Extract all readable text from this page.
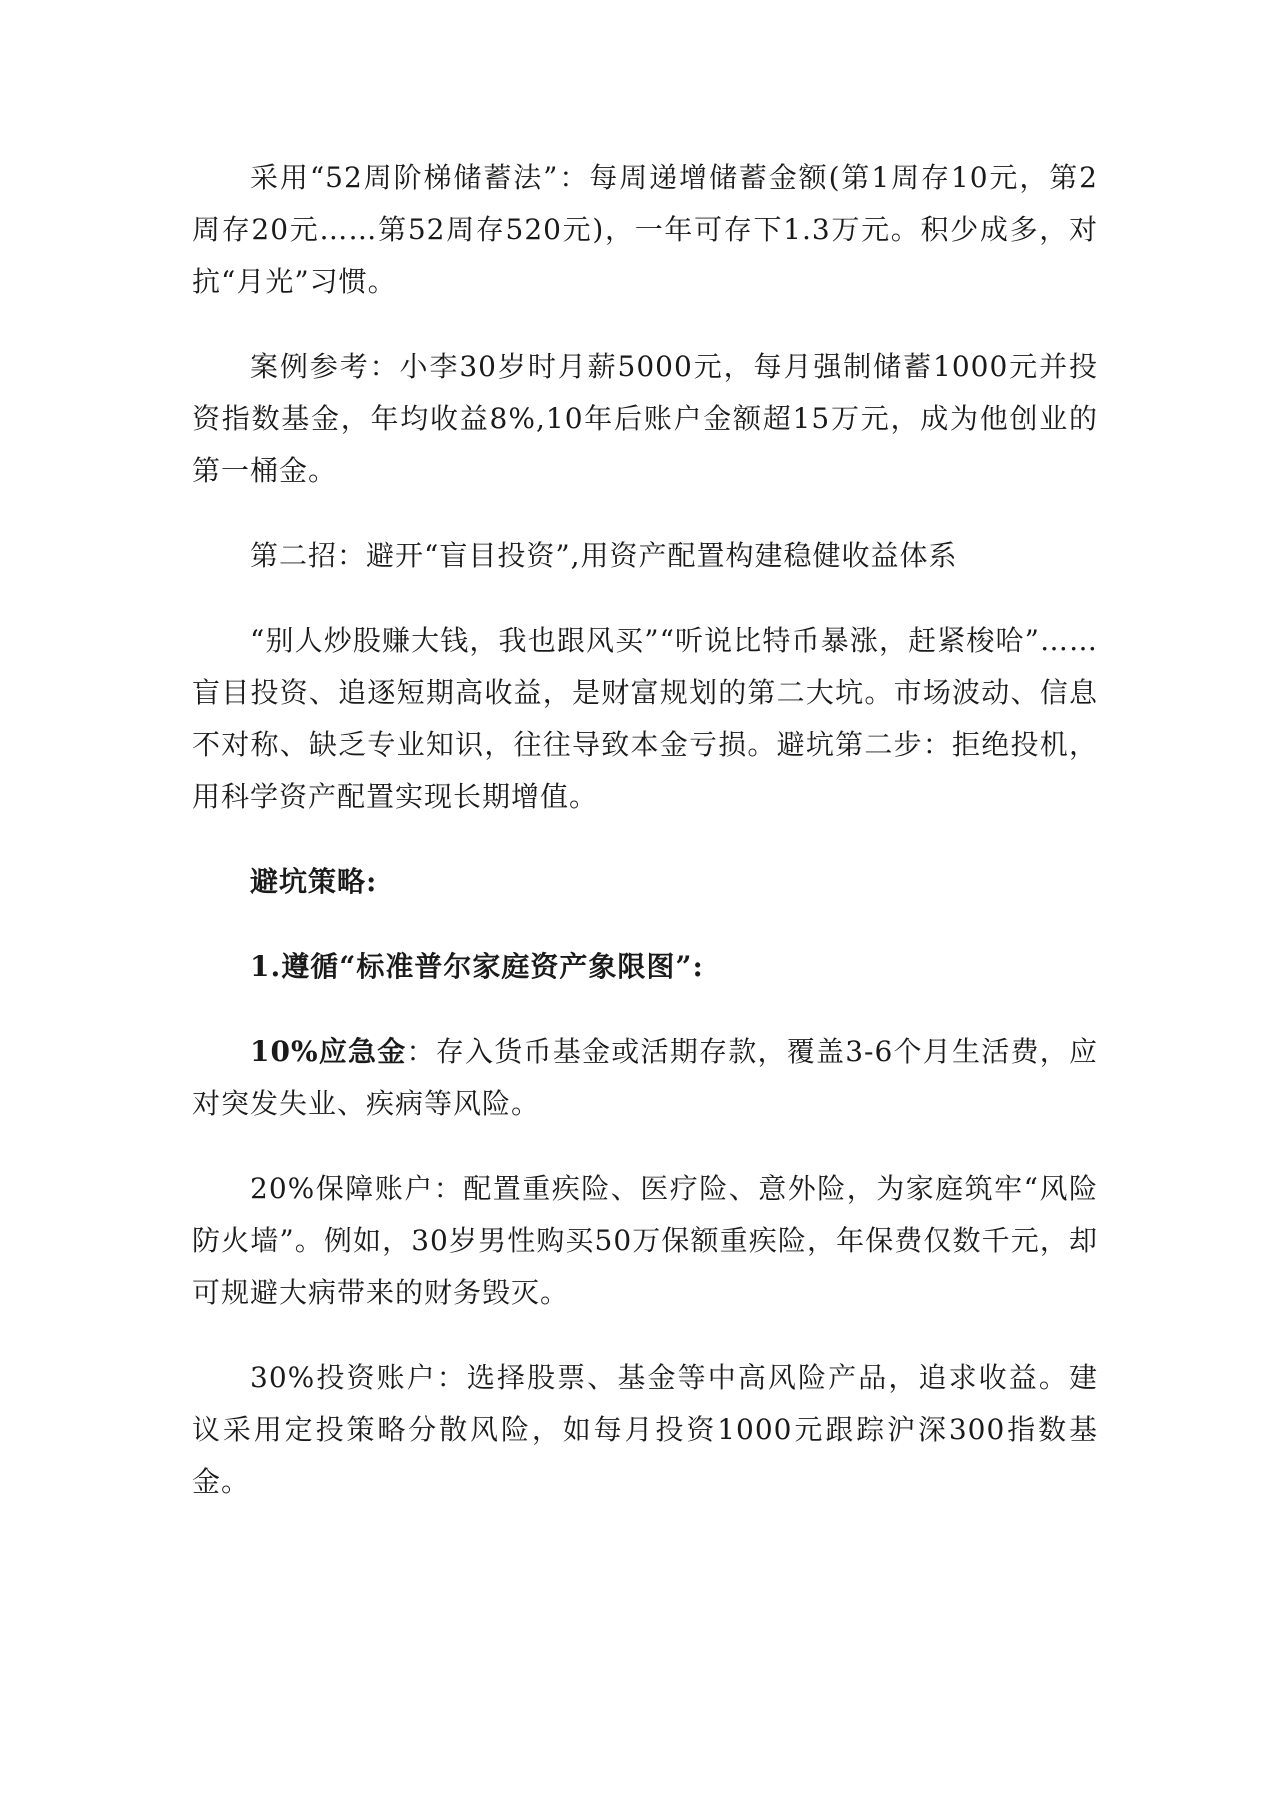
采用“52周阶梯储蓄法”：每周递增储蓄金额(第1周存10元，第2周存20元……第52周存520元)，一年可存下1.3万元。积少成多，对抗“月光”习惯。

案例参考：小李30岁时月薪5000元，每月强制储蓄1000元并投资指数基金，年均收益8%,10年后账户金额超15万元，成为他创业的第一桶金。

第二招：避开“盲目投资”,用资产配置构建稳健收益体系

“别人炒股赚大钱，我也跟风买”“听说比特币暴涨，赶紧梭哈”……盲目投资、追逐短期高收益，是财富规划的第二大坑。市场波动、信息不对称、缺乏专业知识，往往导致本金亏损。避坑第二步：拒绝投机，用科学资产配置实现长期增值。

避坑策略:

1.遵循“标准普尔家庭资产象限图”:

10%应急金：存入货币基金或活期存款，覆盖3-6个月生活费，应对突发失业、疾病等风险。

20%保障账户：配置重疾险、医疗险、意外险，为家庭筑牢“风险防火墙”。例如，30岁男性购买50万保额重疾险，年保费仅数千元，却可规避大病带来的财务毁灭。

30%投资账户：选择股票、基金等中高风险产品，追求收益。建议采用定投策略分散风险，如每月投资1000元跟踪沪深300指数基金。
